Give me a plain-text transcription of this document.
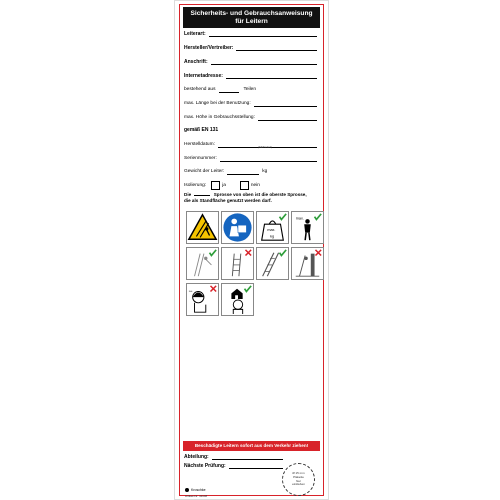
Sicherheits- und Gebrauchsanweisung
für Leitern
Leiterart:
Hersteller/Vertreiber:
Anschrift:
Internetadresse:
bestehend aus	Teilen
max. Länge bei der Benutzung:
max. Höhe in Gebrauchsstellung:
gemäß EN 131
Herstelldatum:	(MM/JJJJ)
Seriennummer:
Gewicht der Leiter:	kg
Isolierung:	ja	nein
Die	Sprosse von oben ist die oberste Sprosse,
die als Standfläche genutzt werden darf.
max.
kg
max.
≈≈
Beschädigte Leitern sofort aus dem Verkehr ziehen!
Abteilung:
Nächste Prüfung:
Ø 15 mm
Plakette
hier
einkleben
Kroschke
Artikel-Nr. 41108
